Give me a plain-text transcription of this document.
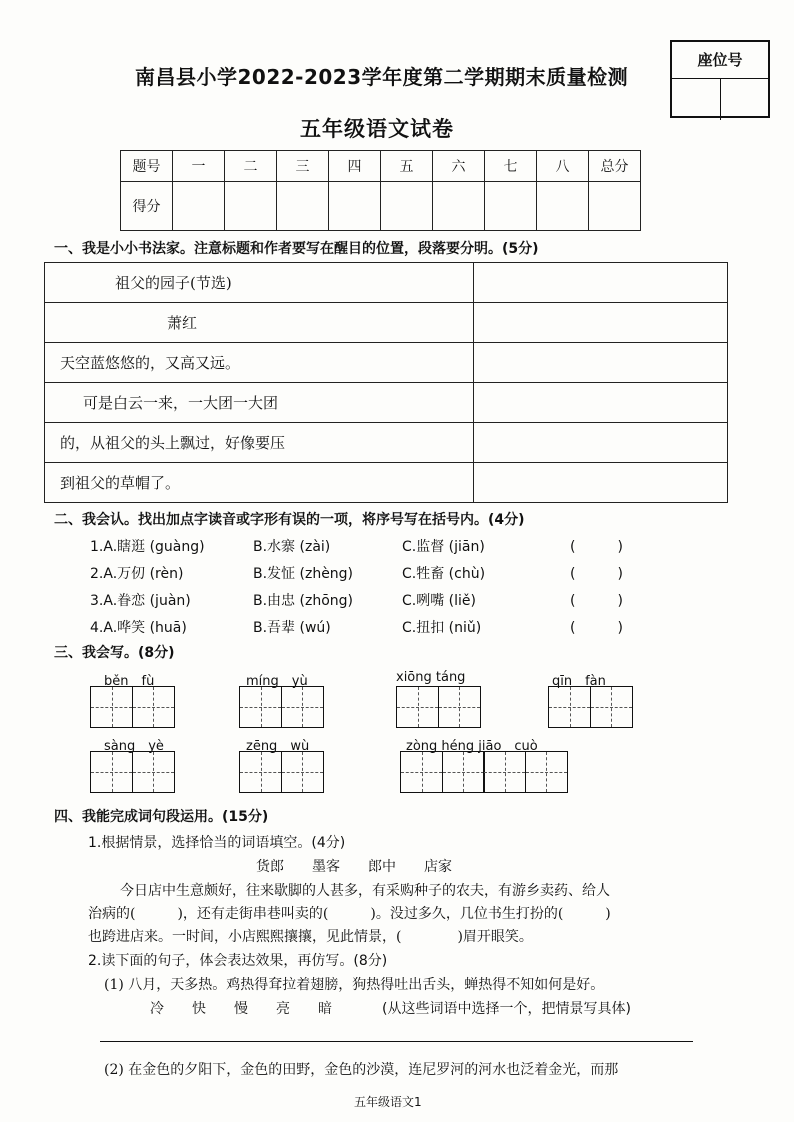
座位号
南昌县小学2022-2023学年度第二学期期末质量检测
五年级语文试卷
题号	一	二	三	四	五	六	七	八	总分
得分									
一、我是小小书法家。注意标题和作者要写在醒目的位置，段落要分明。(5分)
祖父的园子(节选)	

萧红	

天空蓝悠悠的，又高又远。	

可是白云一来，一大团一大团	

的，从祖父的头上飘过，好像要压	

到祖父的草帽了。	

二、我会认。找出加点字读音或字形有误的一项，将序号写在括号内。(4分)
1.A.瞎逛 (guàng)	B.水寨 (zài)	C.监督 (jiān)	(　　　)
2.A.万仞 (rèn)	B.发怔 (zhèng)	C.牲畜 (chù)	(　　　)
3.A.眷恋 (juàn)	B.由忠 (zhōng)	C.咧嘴 (liě)	(　　　)
4.A.哗笑 (huā)	B.吾辈 (wú)	C.扭扣 (niǔ)	(　　　)
三、我会写。(8分)
běn　fù	míng　yù	xiōng táng	qīn　fàn
sàng　yè	zēng　wù	zòng héng jiāo　cuò
四、我能完成词句段运用。(15分)
1.根据情景，选择恰当的词语填空。(4分)
货郎　　墨客　　郎中　　店家
今日店中生意颇好，往来歇脚的人甚多，有采购种子的农夫，有游乡卖药、给人
治病的(　　　)，还有走街串巷叫卖的(　　　)。没过多久，几位书生打扮的(　　　)
也跨进店来。一时间，小店熙熙攘攘，见此情景，(　　　　)眉开眼笑。
2.读下面的句子，体会表达效果，再仿写。(8分)
(1) 八月，天多热。鸡热得耷拉着翅膀，狗热得吐出舌头，蝉热得不知如何是好。
冷　　快　　慢　　亮　　暗	(从这些词语中选择一个，把情景写具体)
(2) 在金色的夕阳下，金色的田野，金色的沙漠，连尼罗河的河水也泛着金光，而那
五年级语文1
